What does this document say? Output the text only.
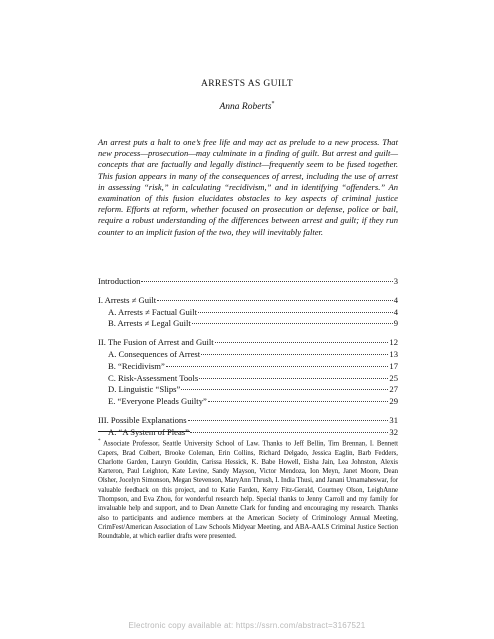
ARRESTS AS GUILT
Anna Roberts*

An arrest puts a halt to one’s free life and may act as prelude to a new process. That new process—prosecution—may culminate in a finding of guilt. But arrest and guilt—concepts that are factually and legally distinct—frequently seem to be fused together. This fusion appears in many of the consequences of arrest, including the use of arrest in assessing “risk,” in calculating “recidivism,” and in identifying “offenders.” An examination of this fusion elucidates obstacles to key aspects of criminal justice reform. Efforts at reform, whether focused on prosecution or defense, police or bail, require a robust understanding of the differences between arrest and guilt; if they run counter to an implicit fusion of the two, they will inevitably falter.

Introduction	3
I. Arrests ≠ Guilt	4
A. Arrests ≠ Factual Guilt	4
B. Arrests ≠ Legal Guilt	9
II. The Fusion of Arrest and Guilt	12
A. Consequences of Arrest	13
B. “Recidivism”	17
C. Risk-Assessment Tools	25
D. Linguistic “Slips”	27
E. “Everyone Pleads Guilty”	29
III. Possible Explanations	31
A. “A System of Pleas”	32

* Associate Professor, Seattle University School of Law. Thanks to Jeff Bellin, Tim Brennan, I. Bennett Capers, Brad Colbert, Brooke Coleman, Erin Collins, Richard Delgado, Jessica Eaglin, Barb Fedders, Charlotte Garden, Lauryn Gouldin, Carissa Hessick, K. Babe Howell, Eisha Jain, Lea Johnston, Alexis Karteron, Paul Leighton, Kate Levine, Sandy Mayson, Victor Mendoza, Ion Meyn, Janet Moore, Dean Olsher, Jocelyn Simonson, Megan Stevenson, MaryAnn Thrush, I. India Thusi, and Janani Umamaheswar, for valuable feedback on this project, and to Katie Farden, Kerry Fitz-Gerald, Courtney Olson, LeighAnne Thompson, and Eva Zhou, for wonderful research help. Special thanks to Jenny Carroll and my family for invaluable help and support, and to Dean Annette Clark for funding and encouraging my research. Thanks also to participants and audience members at the American Society of Criminology Annual Meeting, CrimFest/American Association of Law Schools Midyear Meeting, and ABA-AALS Criminal Justice Section Roundtable, at which earlier drafts were presented.

Electronic copy available at: https://ssrn.com/abstract=3167521
